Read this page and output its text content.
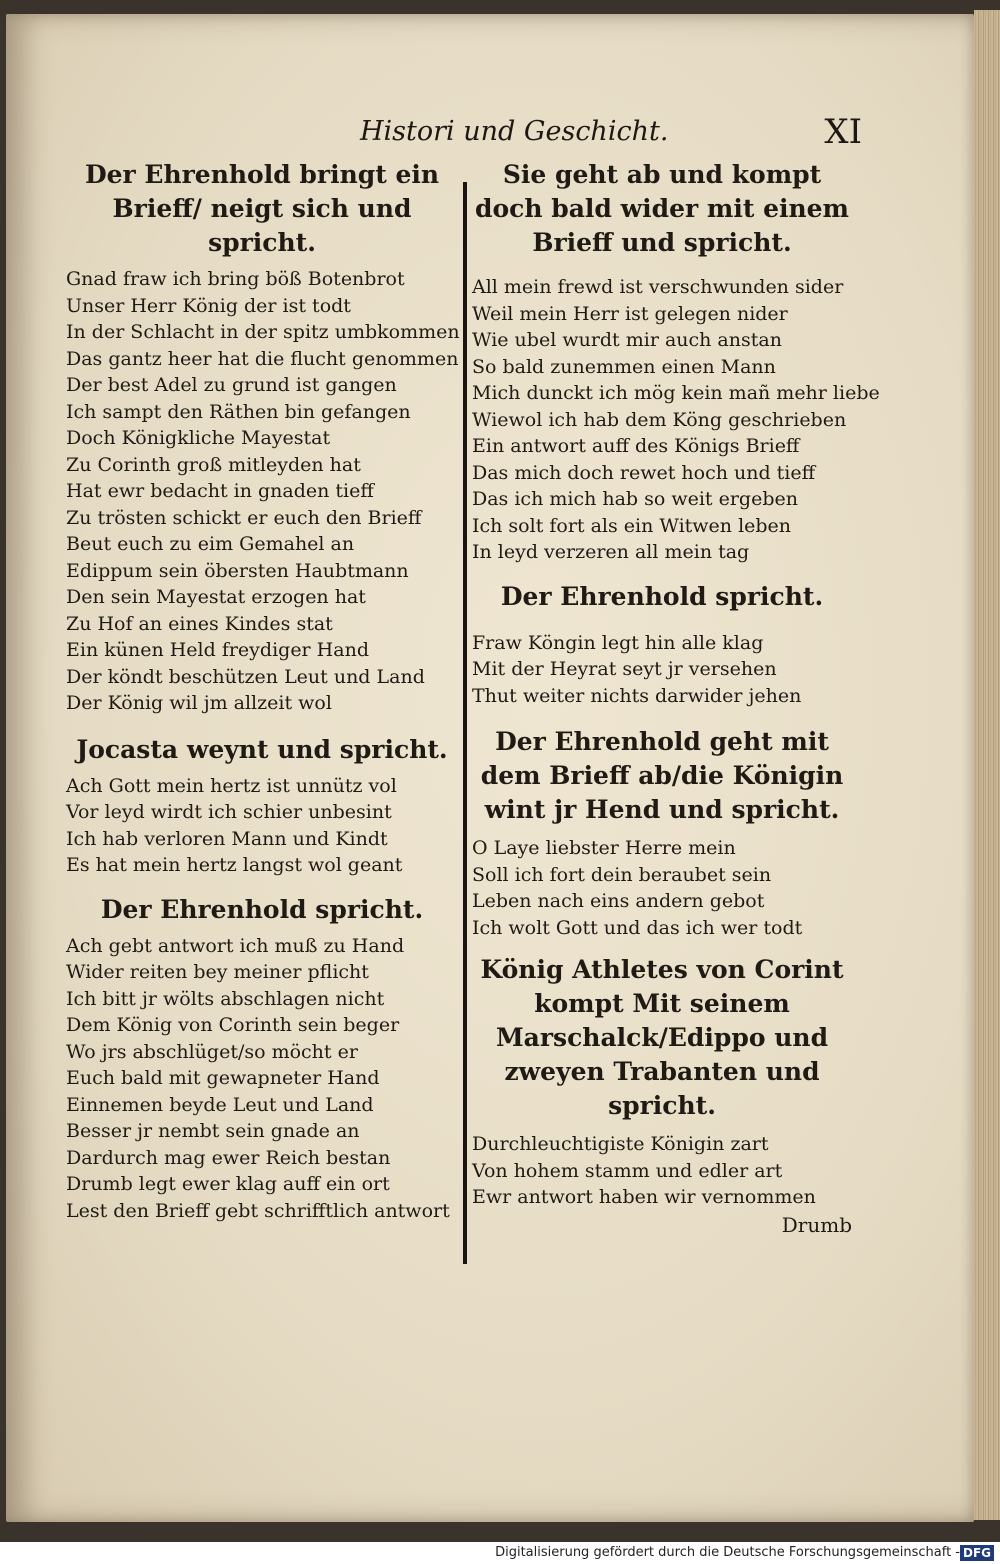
Histori und Geschicht.	XI

Der Ehrenhold bringt ein Brieff/ neigt sich und spricht.

Gnad fraw ich bring böß Botenbrot
Unser Herr König der ist todt
In der Schlacht in der spitz umbkommen
Das gantz heer hat die flucht genommen
Der best Adel zu grund ist gangen
Ich sampt den Räthen bin gefangen
Doch Königkliche Mayestat
Zu Corinth groß mitleyden hat
Hat ewr bedacht in gnaden tieff
Zu trösten schickt er euch den Brieff
Beut euch zu eim Gemahel an
Edippum sein öbersten Haubtmann
Den sein Mayestat erzogen hat
Zu Hof an eines Kindes stat
Ein künen Held freydiger Hand
Der köndt beschützen Leut und Land
Der König wil jm allzeit wol

Jocasta weynt und spricht.

Ach Gott mein hertz ist unnütz vol
Vor leyd wirdt ich schier unbesint
Ich hab verloren Mann und Kindt
Es hat mein hertz langst wol geant

Der Ehrenhold spricht.

Ach gebt antwort ich muß zu Hand
Wider reiten bey meiner pflicht
Ich bitt jr wölts abschlagen nicht
Dem König von Corinth sein beger
Wo jrs abschlüget/so möcht er
Euch bald mit gewapneter Hand
Einnemen beyde Leut und Land
Besser jr nembt sein gnade an
Dardurch mag ewer Reich bestan
Drumb legt ewer klag auff ein ort
Lest den Brieff gebt schrifftlich antwort

Sie geht ab und kompt doch bald wider mit einem Brieff und spricht.

All mein frewd ist verschwunden sider
Weil mein Herr ist gelegen nider
Wie ubel wurdt mir auch anstan
So bald zunemmen einen Mann
Mich dunckt ich mög kein mañ mehr liebe
Wiewol ich hab dem Köng geschrieben
Ein antwort auff des Königs Brieff
Das mich doch rewet hoch und tieff
Das ich mich hab so weit ergeben
Ich solt fort als ein Witwen leben
In leyd verzeren all mein tag

Der Ehrenhold spricht.

Fraw Köngin legt hin alle klag
Mit der Heyrat seyt jr versehen
Thut weiter nichts darwider jehen

Der Ehrenhold geht mit dem Brieff ab/die Königin wint jr Hend und spricht.

O Laye liebster Herre mein
Soll ich fort dein beraubet sein
Leben nach eins andern gebot
Ich wolt Gott und das ich wer todt

König Athletes von Corint kompt Mit seinem Marschalck/Edippo und zweyen Trabanten und spricht.

Durchleuchtigiste Königin zart
Von hohem stamm und edler art
Ewr antwort haben wir vernommen
Drumb
Digitalisierung gefördert durch die Deutsche Forschungsgemeinschaft - DFG
